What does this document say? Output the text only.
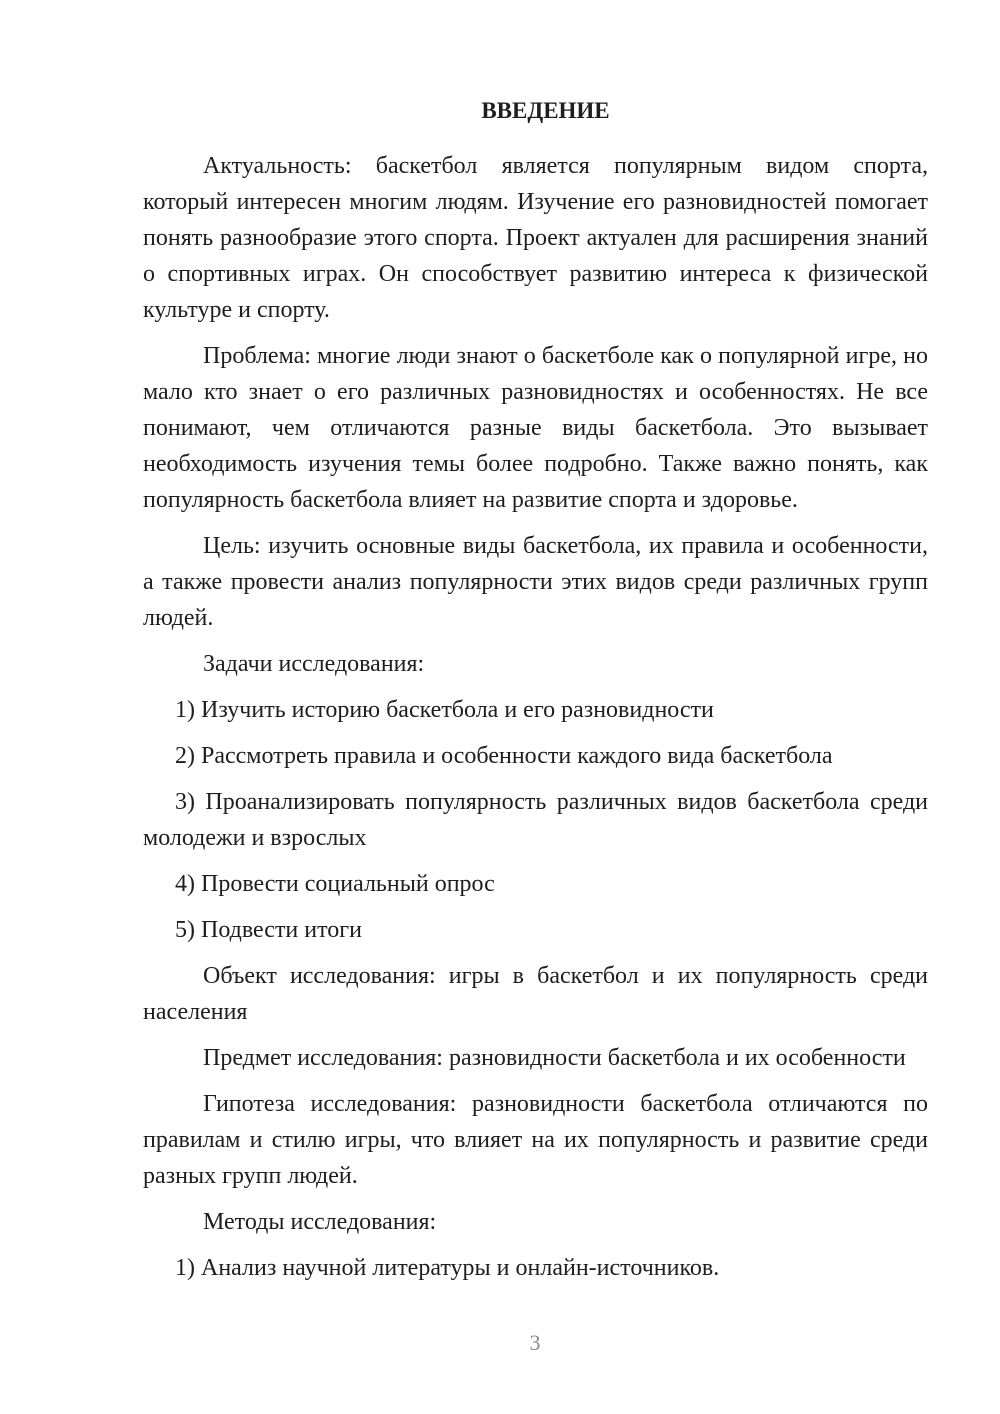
ВВЕДЕНИЕ

Актуальность: баскетбол является популярным видом спорта, который интересен многим людям. Изучение его разновидностей помогает понять разнообразие этого спорта. Проект актуален для расширения знаний о спортивных играх. Он способствует развитию интереса к физической культуре и спорту.

Проблема: многие люди знают о баскетболе как о популярной игре, но мало кто знает о его различных разновидностях и особенностях. Не все понимают, чем отличаются разные виды баскетбола. Это вызывает необходимость изучения темы более подробно. Также важно понять, как популярность баскетбола влияет на развитие спорта и здоровье.

Цель: изучить основные виды баскетбола, их правила и особенности, а также провести анализ популярности этих видов среди различных групп людей.

Задачи исследования:

1) Изучить историю баскетбола и его разновидности

2) Рассмотреть правила и особенности каждого вида баскетбола

3) Проанализировать популярность различных видов баскетбола среди молодежи и взрослых

4) Провести социальный опрос

5) Подвести итоги

Объект исследования: игры в баскетбол и их популярность среди населения

Предмет исследования: разновидности баскетбола и их особенности

Гипотеза исследования: разновидности баскетбола отличаются по правилам и стилю игры, что влияет на их популярность и развитие среди разных групп людей.

Методы исследования:

1) Анализ научной литературы и онлайн-источников.

3
